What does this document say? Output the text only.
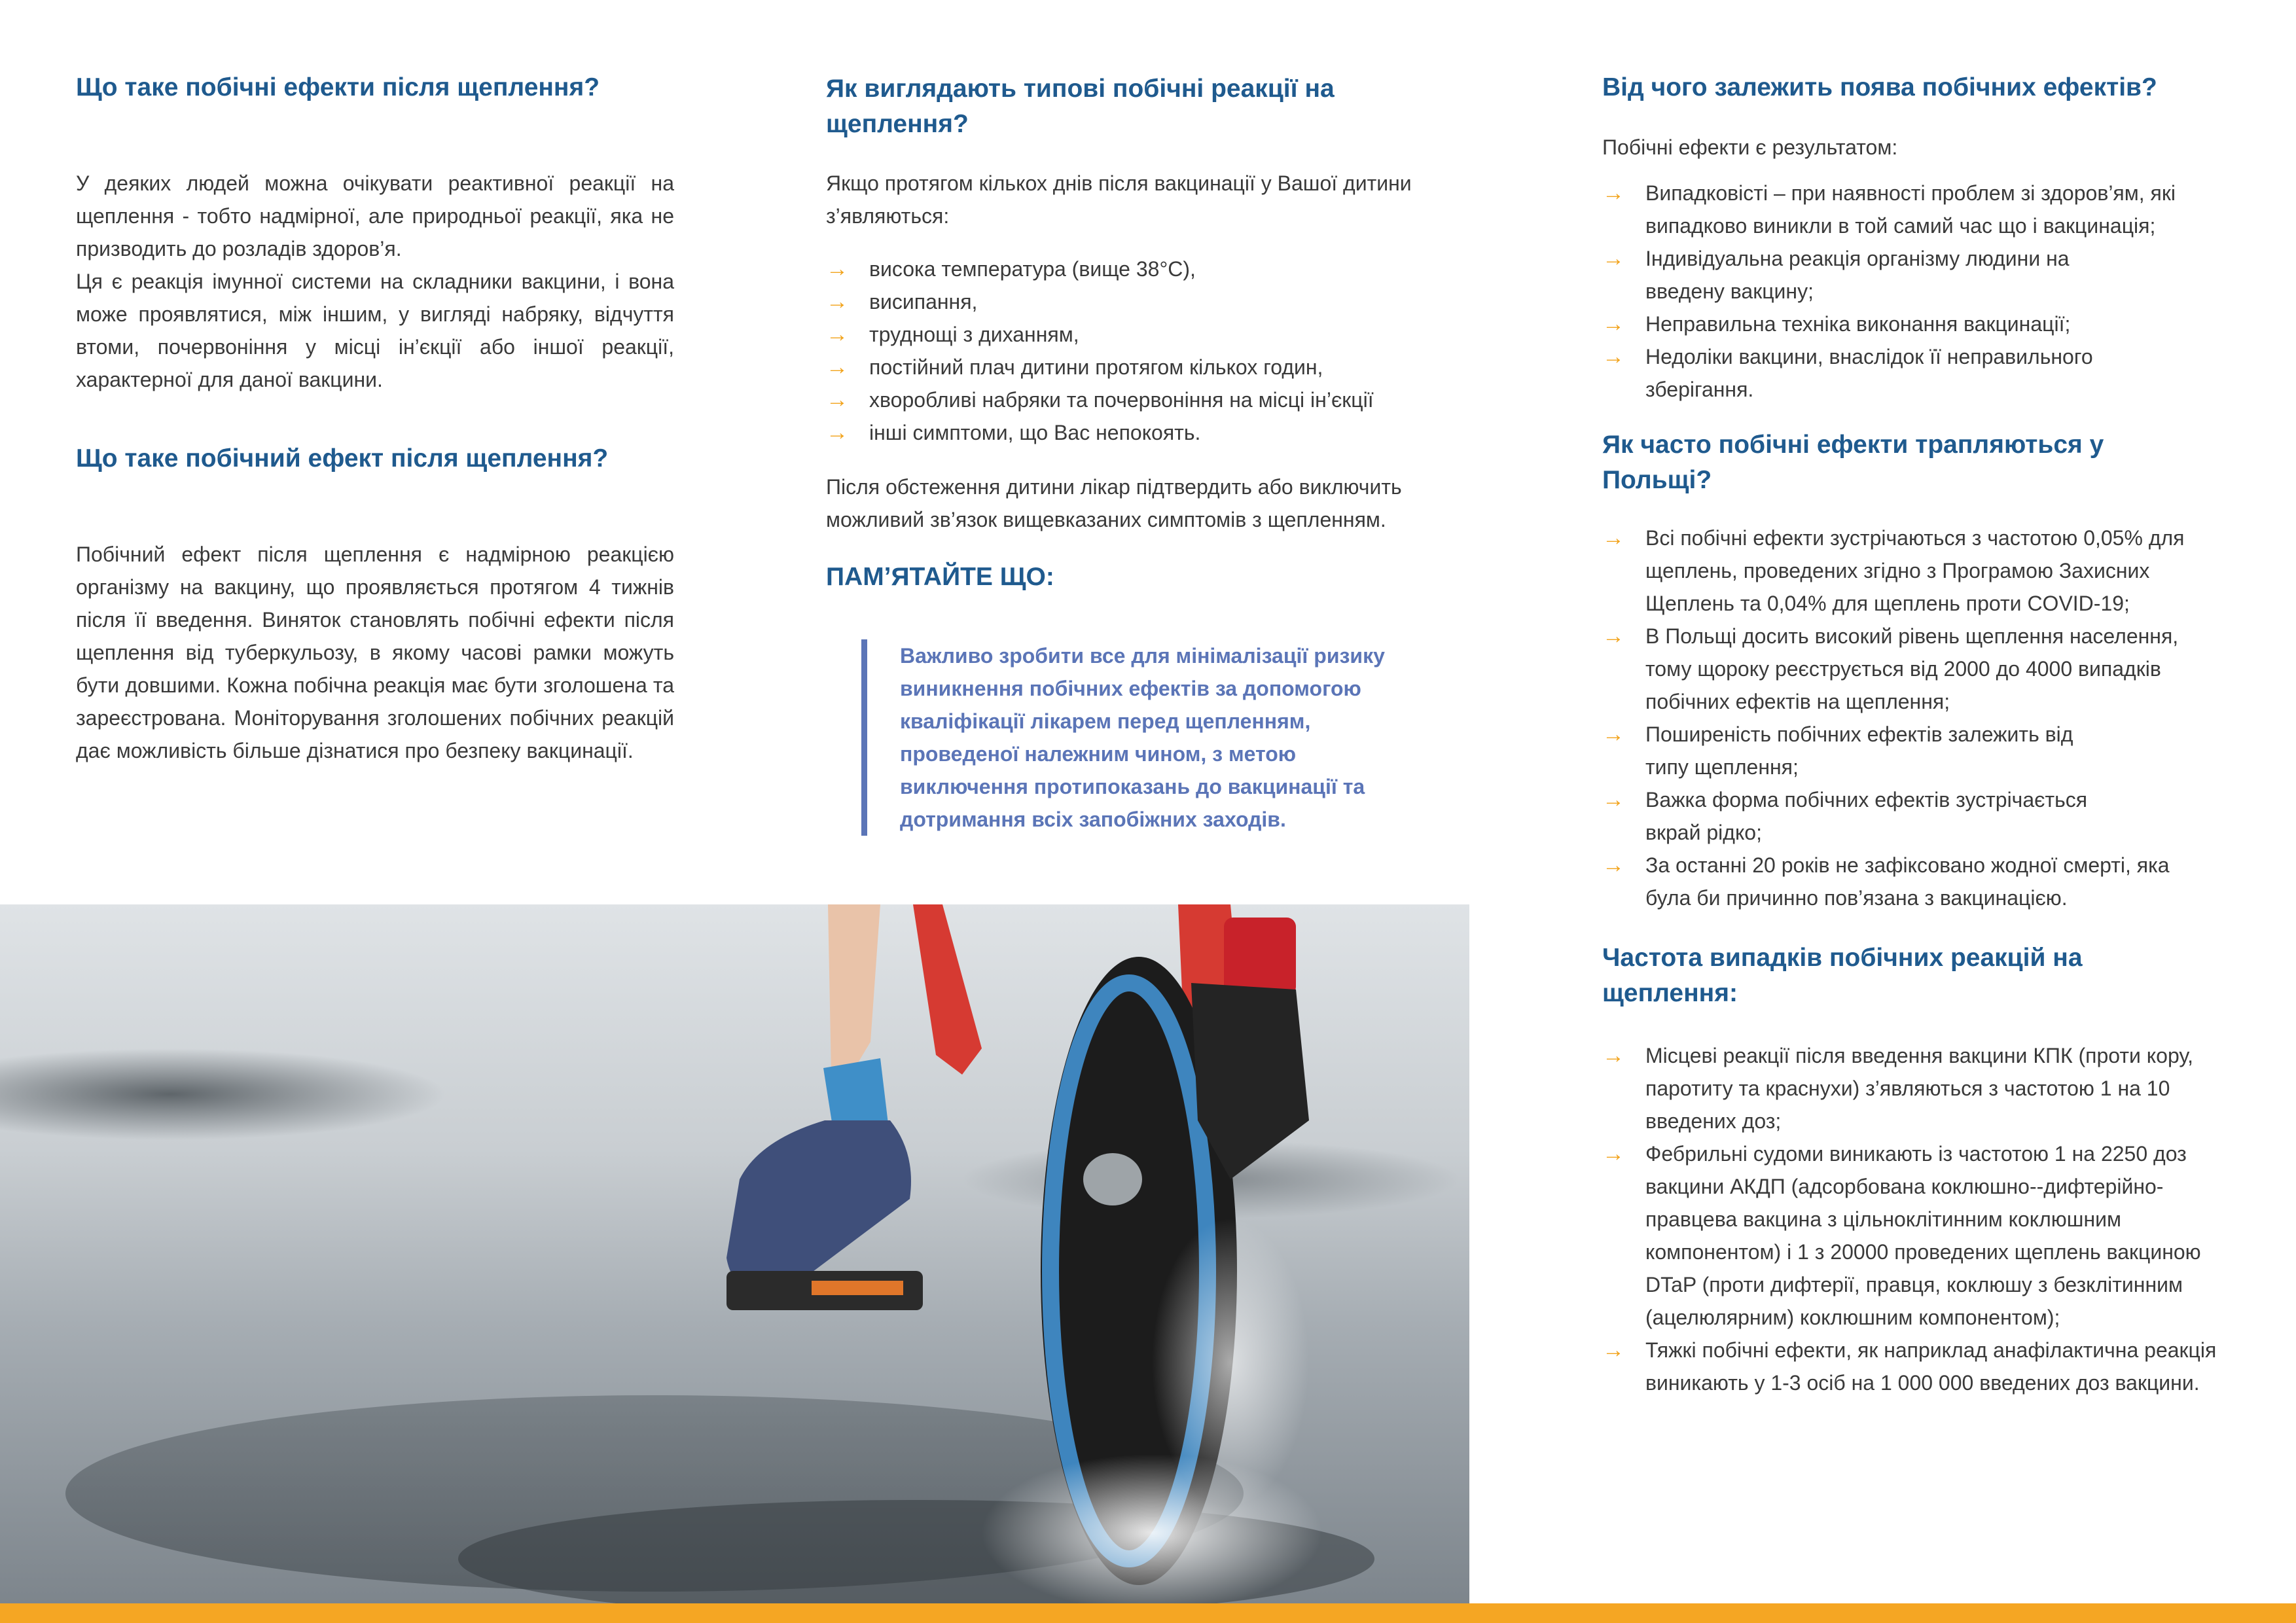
Що таке побічні ефекти після щеплення?

У деяких людей можна очікувати реактивної реакції на щеплення - тобто надмірної, але природньої реакції, яка не призводить до розладів здоров’я.

Ця є реакція імунної системи на складники вакцини, і вона може проявлятися, між іншим, у вигляді набряку, відчуття втоми, почервоніння у місці ін’єкції або іншої реакції, характерної для даної вакцини.

Що таке побічний ефект після щеплення?

Побічний ефект після щеплення є надмірною реакцією організму на вакцину, що проявляється протягом 4 тижнів після її введення. Виняток становлять побічні ефекти після щеплення від туберкульозу, в якому часові рамки можуть бути довшими. Кожна побічна реакція має бути зголошена та зареєстрована. Моніторування зголошених побічних реакцій дає можливість більше дізнатися про безпеку вакцинації.

Як виглядають типові побічні реакції на щеплення?

Якщо протягом кількох днів після вакцинації у Вашої дитини з’являються:

→ висока температура (вище 38°C),
→ висипання,
→ труднощі з диханням,
→ постійний плач дитини протягом кількох годин,
→ хворобливі набряки та почервоніння на місці ін’єкції
→ інші симптоми, що Вас непокоять.

Після обстеження дитини лікар підтвердить або виключить можливий зв’язок вищевказаних симптомів з щепленням.

ПАМ’ЯТАЙТЕ ЩО:

Важливо зробити все для мінімалізації ризику виникнення побічних ефектів за допомогою кваліфікації лікарем перед щепленням, проведеної належним чином, з метою виключення протипоказань до вакцинації та дотримання всіх запобіжних заходів.

Від чого залежить поява побічних ефектів?

Побічні ефекти є результатом:

→ Випадковісті – при наявності проблем зі здоров’ям, які випадково виникли в той самий час що і вакцинація;
→ Індивідуальна реакція організму людини на введену вакцину;
→ Неправильна техніка виконання вакцинації;
→ Недоліки вакцини, внаслідок її неправильного зберігання.
Як часто побічні ефекти трапляються у Польщі?
→ Всі побічні ефекти зустрічаються з частотою 0,05% для щеплень, проведених згідно з Програмою Захисних Щеплень та 0,04% для щеплень проти COVID-19;
→ В Польщі досить високий рівень щеплення населення, тому щороку реєструється від 2000 до 4000 випадків побічних ефектів на щеплення;
→ Поширеність побічних ефектів залежить від типу щеплення;
→ Важка форма побічних ефектів зустрічається вкрай рідко;
→ За останні 20 років не зафіксовано жодної смерті, яка була би причинно пов’язана з вакцинацією.
Частота випадків побічних реакцій на щеплення:
→ Місцеві реакції після введення вакцини КПК (проти кору, паротиту та краснухи) з’являються з частотою 1 на 10 введених доз;
→ Фебрильні судоми виникають із частотою 1 на 2250 доз вакцини АКДП (адсорбована коклюшно--дифтерійно-правцева вакцина з цільноклітинним коклюшним компонентом) і 1 з 20000 проведених щеплень вакциною DTaP (проти дифтерії, правця, коклюшу з безклітинним (ацелюлярним) коклюшним компонентом);
→ Тяжкі побічні ефекти, як наприклад анафілактична реакція виникають у 1-3 осіб на 1 000 000 введених доз вакцини.
